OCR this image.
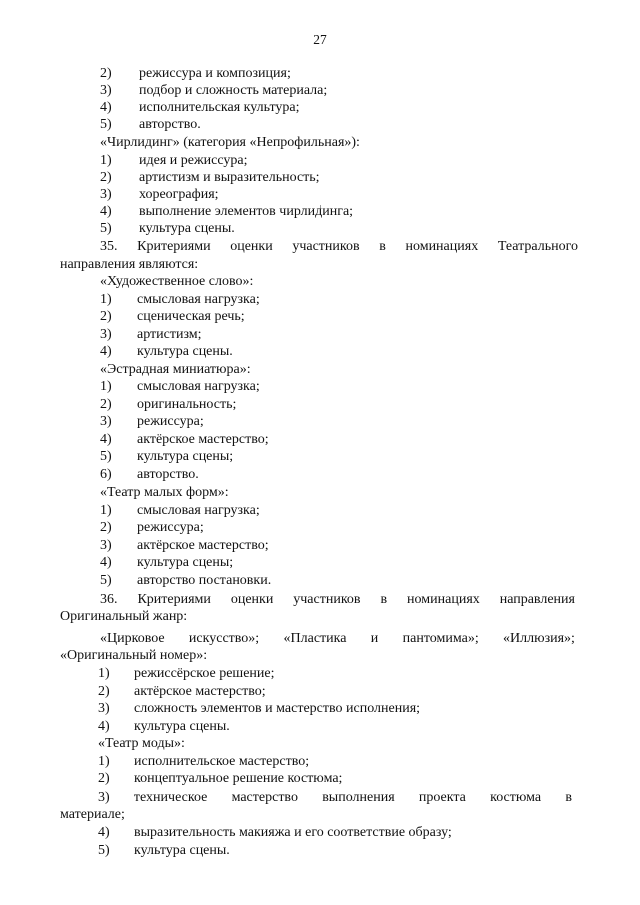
27
2) режиссура и композиция;
3) подбор и сложность материала;
4) исполнительская культура;
5) авторство.
«Чирлидинг» (категория «Непрофильная»):
1) идея и режиссура;
2) артистизм и выразительность;
3) хореография;
4) выполнение элементов чирлидинга;
5) культура сцены.
35. Критериями оценки участников в номинациях Театрального
направления являются:
«Художественное слово»:
1) смысловая нагрузка;
2) сценическая речь;
3) артистизм;
4) культура сцены.
«Эстрадная миниатюра»:
1) смысловая нагрузка;
2) оригинальность;
3) режиссура;
4) актёрское мастерство;
5) культура сцены;
6) авторство.
«Театр малых форм»:
1) смысловая нагрузка;
2) режиссура;
3) актёрское мастерство;
4) культура сцены;
5) авторство постановки.
36. Критериями оценки участников в номинациях направления
Оригинальный жанр:
«Цирковое искусство»; «Пластика и пантомима»; «Иллюзия»;
«Оригинальный номер»:
1) режиссёрское решение;
2) актёрское мастерство;
3) сложность элементов и мастерство исполнения;
4) культура сцены.
«Театр моды»:
1) исполнительское мастерство;
2) концептуальное решение костюма;
3) техническое мастерство выполнения проекта костюма в
материале;
4) выразительность макияжа и его соответствие образу;
5) культура сцены.
